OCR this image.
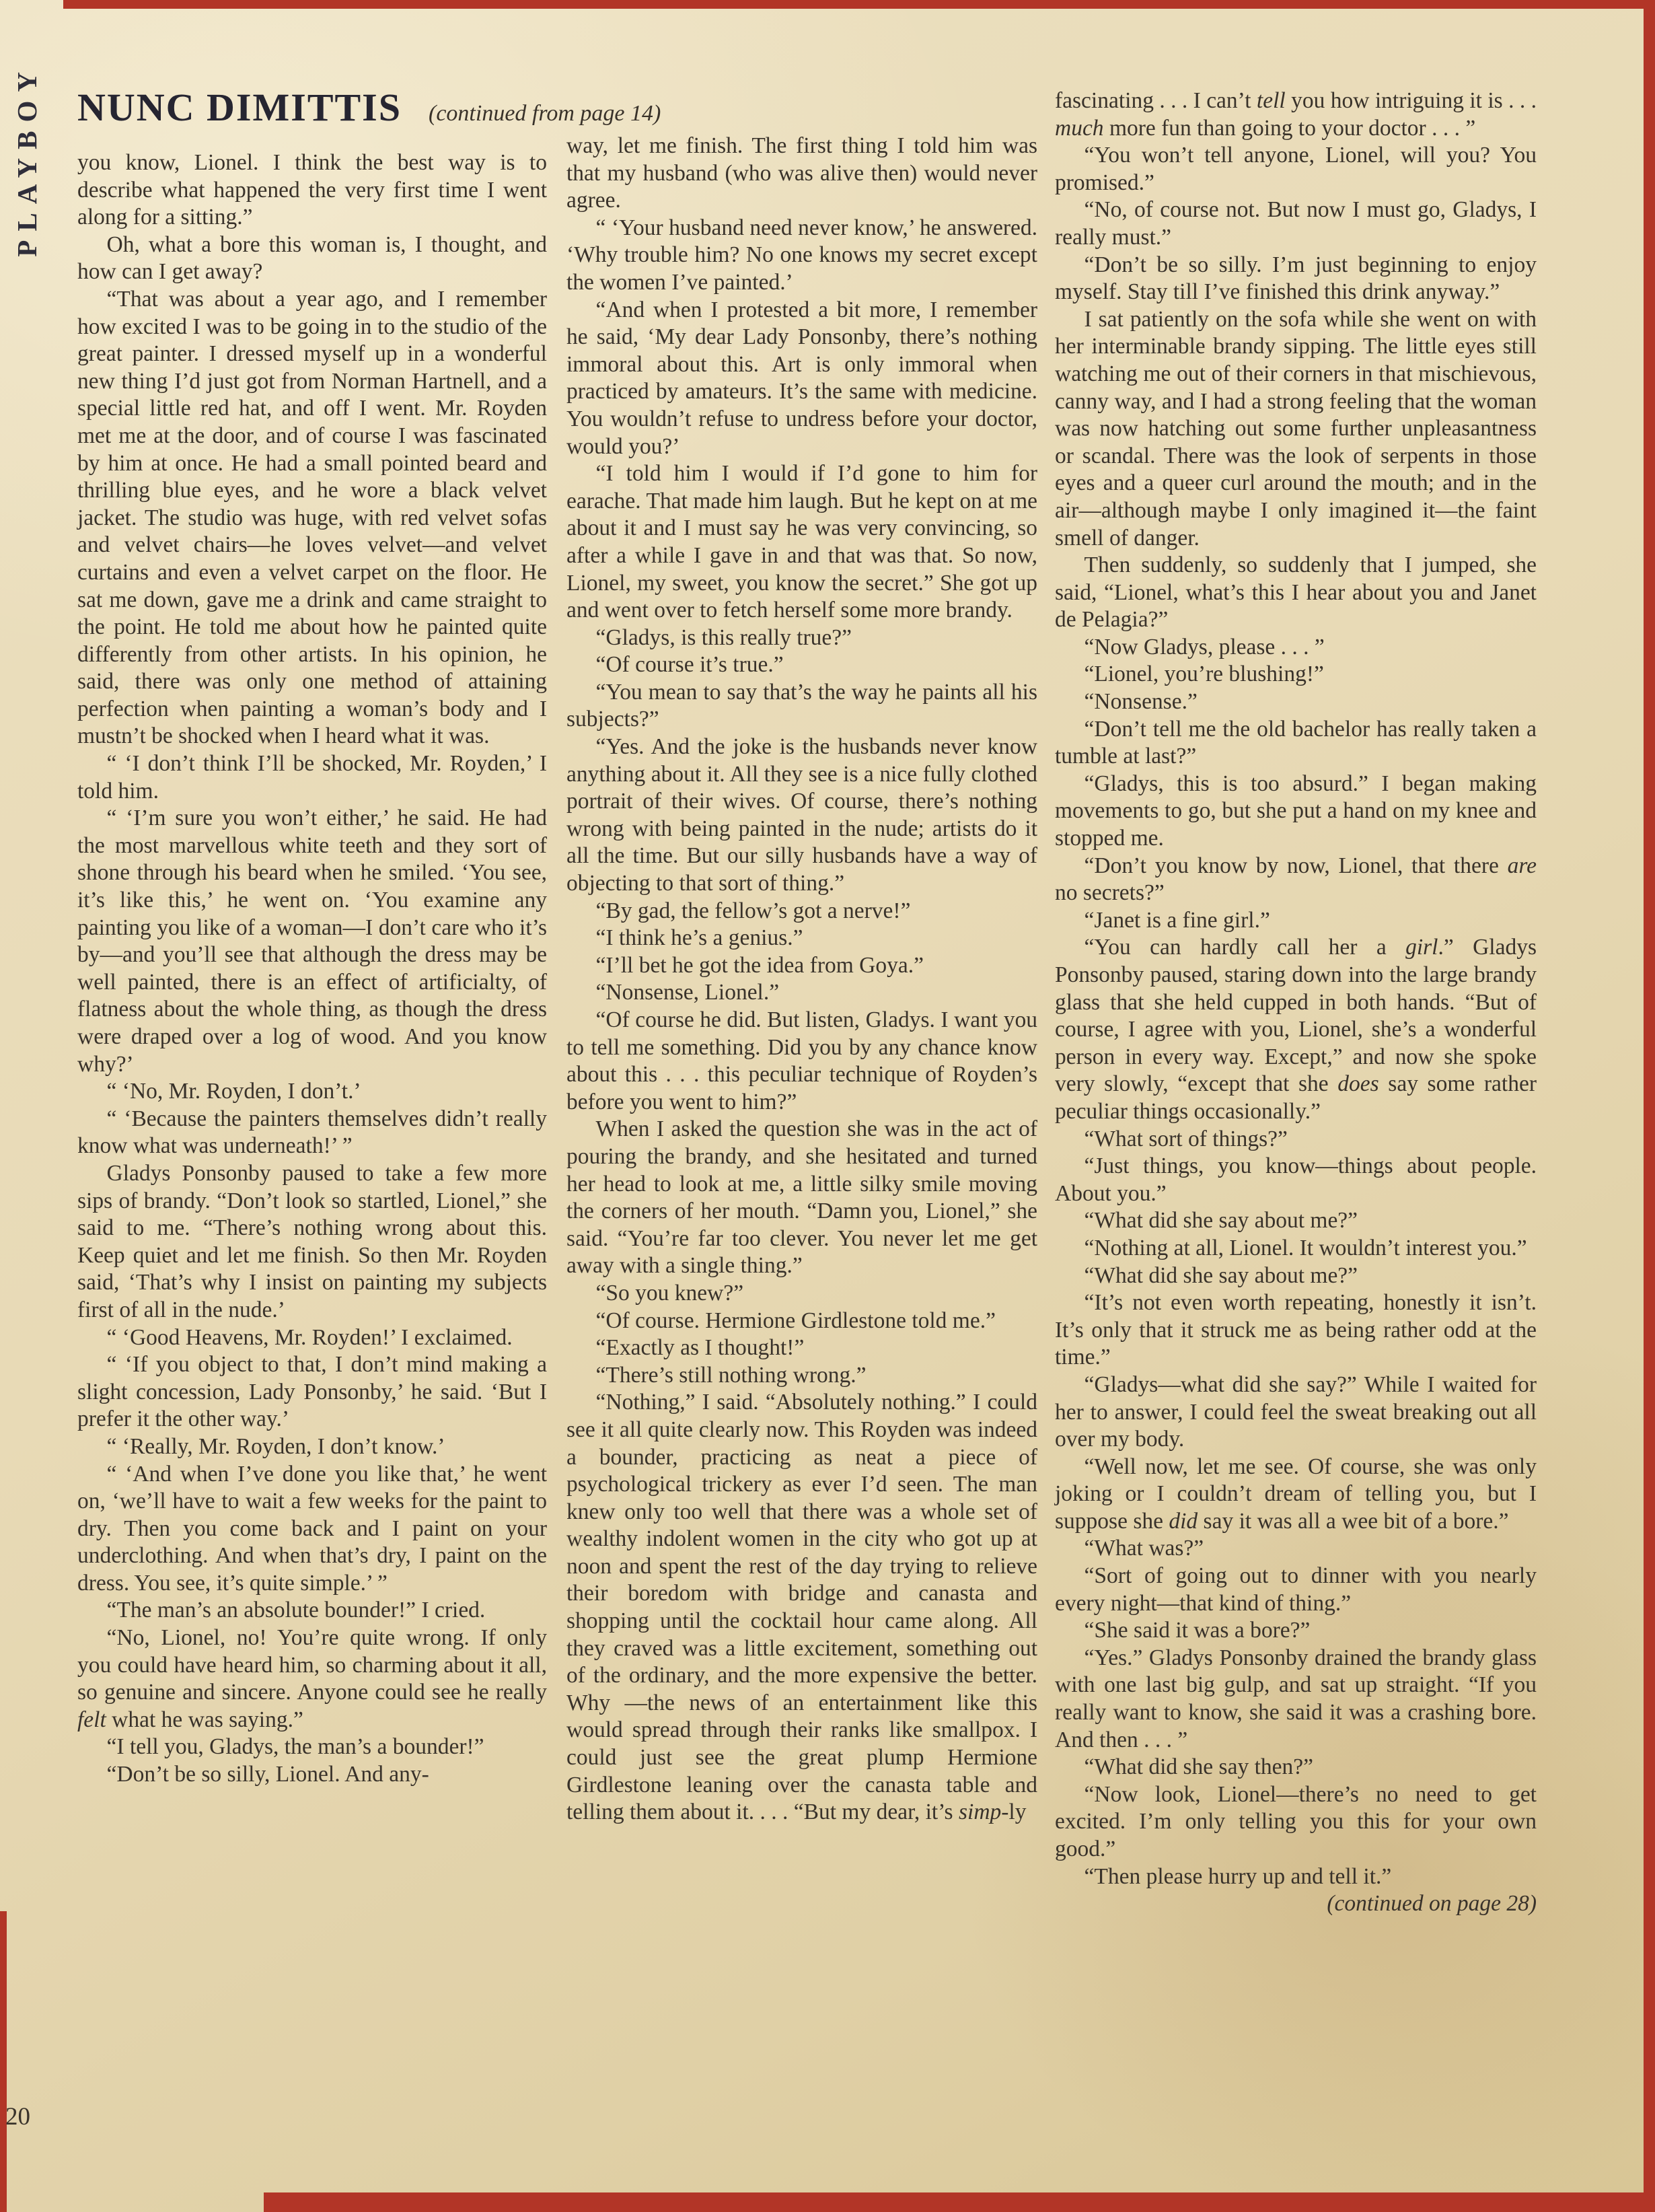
PLAYBOY NUNC DIMITTIS (continued from page 14)

you know, Lionel. I think the best way is to describe what happened the very first time I went along for a sitting.”

Oh, what a bore this woman is, I thought, and how can I get away?

“That was about a year ago, and I remember how excited I was to be going in to the studio of the great painter. I dressed myself up in a wonderful new thing I’d just got from Norman Hartnell, and a special little red hat, and off I went. Mr. Royden met me at the door, and of course I was fascinated by him at once. He had a small pointed beard and thrilling blue eyes, and he wore a black velvet jacket. The studio was huge, with red velvet sofas and velvet chairs—he loves velvet—and velvet curtains and even a velvet carpet on the floor. He sat me down, gave me a drink and came straight to the point. He told me about how he painted quite differently from other artists. In his opinion, he said, there was only one method of attaining perfection when painting a woman’s body and I mustn’t be shocked when I heard what it was.

“ ‘I don’t think I’ll be shocked, Mr. Royden,’ I told him.

“ ‘I’m sure you won’t either,’ he said. He had the most marvellous white teeth and they sort of shone through his beard when he smiled. ‘You see, it’s like this,’ he went on. ‘You examine any painting you like of a woman—I don’t care who it’s by—and you’ll see that although the dress may be well painted, there is an effect of artificialty, of flatness about the whole thing, as though the dress were draped over a log of wood. And you know why?’

“ ‘No, Mr. Royden, I don’t.’

“ ‘Because the painters themselves didn’t really know what was underneath!’ ”

Gladys Ponsonby paused to take a few more sips of brandy. “Don’t look so startled, Lionel,” she said to me. “There’s nothing wrong about this. Keep quiet and let me finish. So then Mr. Royden said, ‘That’s why I insist on painting my subjects first of all in the nude.’

“ ‘Good Heavens, Mr. Royden!’ I exclaimed.

“ ‘If you object to that, I don’t mind making a slight concession, Lady Ponsonby,’ he said. ‘But I prefer it the other way.’

“ ‘Really, Mr. Royden, I don’t know.’

“ ‘And when I’ve done you like that,’ he went on, ‘we’ll have to wait a few weeks for the paint to dry. Then you come back and I paint on your underclothing. And when that’s dry, I paint on the dress. You see, it’s quite simple.’ ”

“The man’s an absolute bounder!” I cried.

“No, Lionel, no! You’re quite wrong. If only you could have heard him, so charming about it all, so genuine and sincere. Anyone could see he really felt what he was saying.”

“I tell you, Gladys, the man’s a bounder!”

“Don’t be so silly, Lionel. And any-

way, let me finish. The first thing I told him was that my husband (who was alive then) would never agree.

“ ‘Your husband need never know,’ he answered. ‘Why trouble him? No one knows my secret except the women I’ve painted.’

“And when I protested a bit more, I remember he said, ‘My dear Lady Ponsonby, there’s nothing immoral about this. Art is only immoral when practiced by amateurs. It’s the same with medicine. You wouldn’t refuse to undress before your doctor, would you?’

“I told him I would if I’d gone to him for earache. That made him laugh. But he kept on at me about it and I must say he was very convincing, so after a while I gave in and that was that. So now, Lionel, my sweet, you know the secret.” She got up and went over to fetch herself some more brandy.

“Gladys, is this really true?”

“Of course it’s true.”

“You mean to say that’s the way he paints all his subjects?”

“Yes. And the joke is the husbands never know anything about it. All they see is a nice fully clothed portrait of their wives. Of course, there’s nothing wrong with being painted in the nude; artists do it all the time. But our silly husbands have a way of objecting to that sort of thing.”

“By gad, the fellow’s got a nerve!”

“I think he’s a genius.”

“I’ll bet he got the idea from Goya.”

“Nonsense, Lionel.”

“Of course he did. But listen, Gladys. I want you to tell me something. Did you by any chance know about this . . . this peculiar technique of Royden’s before you went to him?”

When I asked the question she was in the act of pouring the brandy, and she hesitated and turned her head to look at me, a little silky smile moving the corners of her mouth. “Damn you, Lionel,” she said. “You’re far too clever. You never let me get away with a single thing.”

“So you knew?”

“Of course. Hermione Girdlestone told me.”

“Exactly as I thought!”

“There’s still nothing wrong.”

“Nothing,” I said. “Absolutely nothing.” I could see it all quite clearly now. This Royden was indeed a bounder, practicing as neat a piece of psychological trickery as ever I’d seen. The man knew only too well that there was a whole set of wealthy indolent women in the city who got up at noon and spent the rest of the day trying to relieve their boredom with bridge and canasta and shopping until the cocktail hour came along. All they craved was a little excitement, something out of the ordinary, and the more expensive the better. Why —the news of an entertainment like this would spread through their ranks like smallpox. I could just see the great plump Hermione Girdlestone leaning over the canasta table and telling them about it. . . . “But my dear, it’s simp-ly

(continued on page 28)

fascinating . . . I can’t tell you how intriguing it is . . . much more fun than going to your doctor . . . ”

“You won’t tell anyone, Lionel, will you? You promised.”

“No, of course not. But now I must go, Gladys, I really must.”

“Don’t be so silly. I’m just beginning to enjoy myself. Stay till I’ve finished this drink anyway.”

I sat patiently on the sofa while she went on with her interminable brandy sipping. The little eyes still watching me out of their corners in that mischievous, canny way, and I had a strong feeling that the woman was now hatching out some further unpleasantness or scandal. There was the look of serpents in those eyes and a queer curl around the mouth; and in the air—although maybe I only imagined it—the faint smell of danger.

Then suddenly, so suddenly that I jumped, she said, “Lionel, what’s this I hear about you and Janet de Pelagia?”

“Now Gladys, please . . . ”

“Lionel, you’re blushing!”

“Nonsense.”

“Don’t tell me the old bachelor has really taken a tumble at last?”

“Gladys, this is too absurd.” I began making movements to go, but she put a hand on my knee and stopped me.

“Don’t you know by now, Lionel, that there are no secrets?”

“Janet is a fine girl.”

“You can hardly call her a girl.” Gladys Ponsonby paused, staring down into the large brandy glass that she held cupped in both hands. “But of course, I agree with you, Lionel, she’s a wonderful person in every way. Except,” and now she spoke very slowly, “except that she does say some rather peculiar things occasionally.”

“What sort of things?”

“Just things, you know—things about people. About you.”

“What did she say about me?”

“Nothing at all, Lionel. It wouldn’t interest you.”

“What did she say about me?”

“It’s not even worth repeating, honestly it isn’t. It’s only that it struck me as being rather odd at the time.”

“Gladys—what did she say?” While I waited for her to answer, I could feel the sweat breaking out all over my body.

“Well now, let me see. Of course, she was only joking or I couldn’t dream of telling you, but I suppose she did say it was all a wee bit of a bore.”

“What was?”

“Sort of going out to dinner with you nearly every night—that kind of thing.”

“She said it was a bore?”

“Yes.” Gladys Ponsonby drained the brandy glass with one last big gulp, and sat up straight. “If you really want to know, she said it was a crashing bore. And then . . . ”

“What did she say then?”

“Now look, Lionel—there’s no need to get excited. I’m only telling you this for your own good.”

“Then please hurry up and tell it.”

20
